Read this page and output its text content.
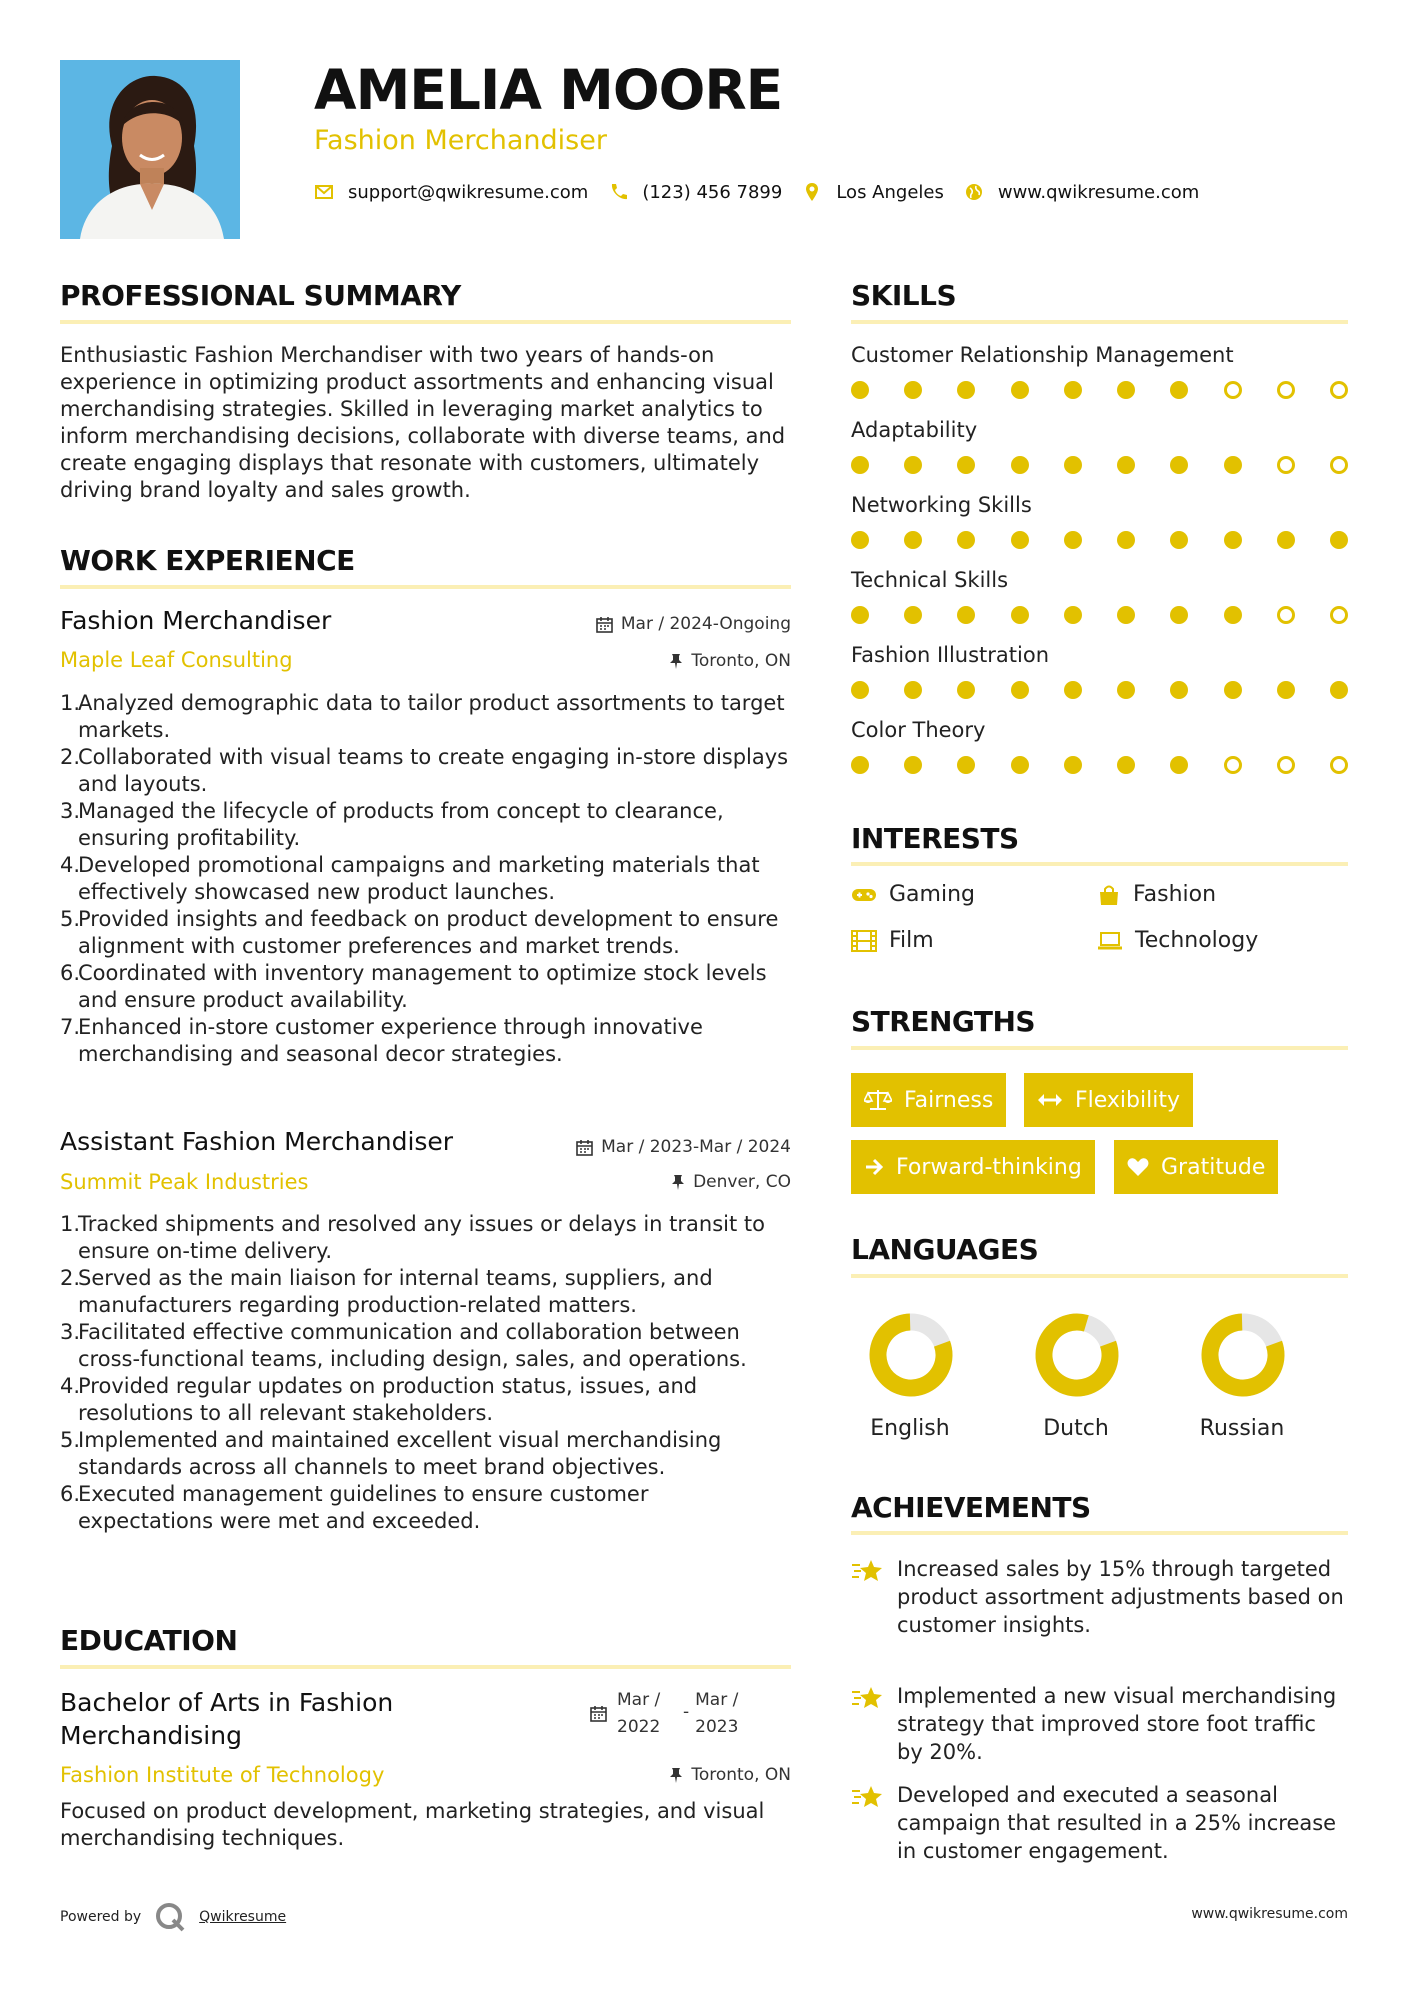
AMELIA MOORE
Fashion Merchandiser
support@qwikresume.com	(123) 456 7899	Los Angeles	www.qwikresume.com
PROFESSIONAL SUMMARY
Enthusiastic Fashion Merchandiser with two years of hands-on experience in optimizing product assortments and enhancing visual merchandising strategies. Skilled in leveraging market analytics to inform merchandising decisions, collaborate with diverse teams, and create engaging displays that resonate with customers, ultimately driving brand loyalty and sales growth.
WORK EXPERIENCE
Fashion Merchandiser	Mar / 2024-Ongoing
Maple Leaf Consulting	Toronto, ON
1.
Analyzed demographic data to tailor product assortments to target markets.
2.
Collaborated with visual teams to create engaging in-store displays and layouts.
3.
Managed the lifecycle of products from concept to clearance, ensuring profitability.
4.
Developed promotional campaigns and marketing materials that effectively showcased new product launches.
5.
Provided insights and feedback on product development to ensure alignment with customer preferences and market trends.
6.
Coordinated with inventory management to optimize stock levels and ensure product availability.
7.
Enhanced in-store customer experience through innovative merchandising and seasonal decor strategies.
Assistant Fashion Merchandiser	Mar / 2023-Mar / 2024
Summit Peak Industries	Denver, CO
1.
Tracked shipments and resolved any issues or delays in transit to ensure on-time delivery.
2.
Served as the main liaison for internal teams, suppliers, and manufacturers regarding production-related matters.
3.
Facilitated effective communication and collaboration between cross-functional teams, including design, sales, and operations.
4.
Provided regular updates on production status, issues, and resolutions to all relevant stakeholders.
5.
Implemented and maintained excellent visual merchandising standards across all channels to meet brand objectives.
6.
Executed management guidelines to ensure customer expectations were met and exceeded.
EDUCATION
Bachelor of Arts in Fashion Merchandising
Mar / 2022
-
Mar / 2023
Fashion Institute of Technology	Toronto, ON
Focused on product development, marketing strategies, and visual merchandising techniques.
SKILLS
Customer Relationship Management
Adaptability
Networking Skills
Technical Skills
Fashion Illustration
Color Theory
INTERESTS
Gaming	Fashion
Film	Technology
STRENGTHS
Fairness	Flexibility
Forward-thinking	Gratitude
LANGUAGES
English	Dutch	Russian
ACHIEVEMENTS
Increased sales by 15% through targeted product assortment adjustments based on customer insights.
Implemented a new visual merchandising strategy that improved store foot traffic by 20%.
Developed and executed a seasonal campaign that resulted in a 25% increase in customer engagement.
Powered by	Qwikresume	www.qwikresume.com
